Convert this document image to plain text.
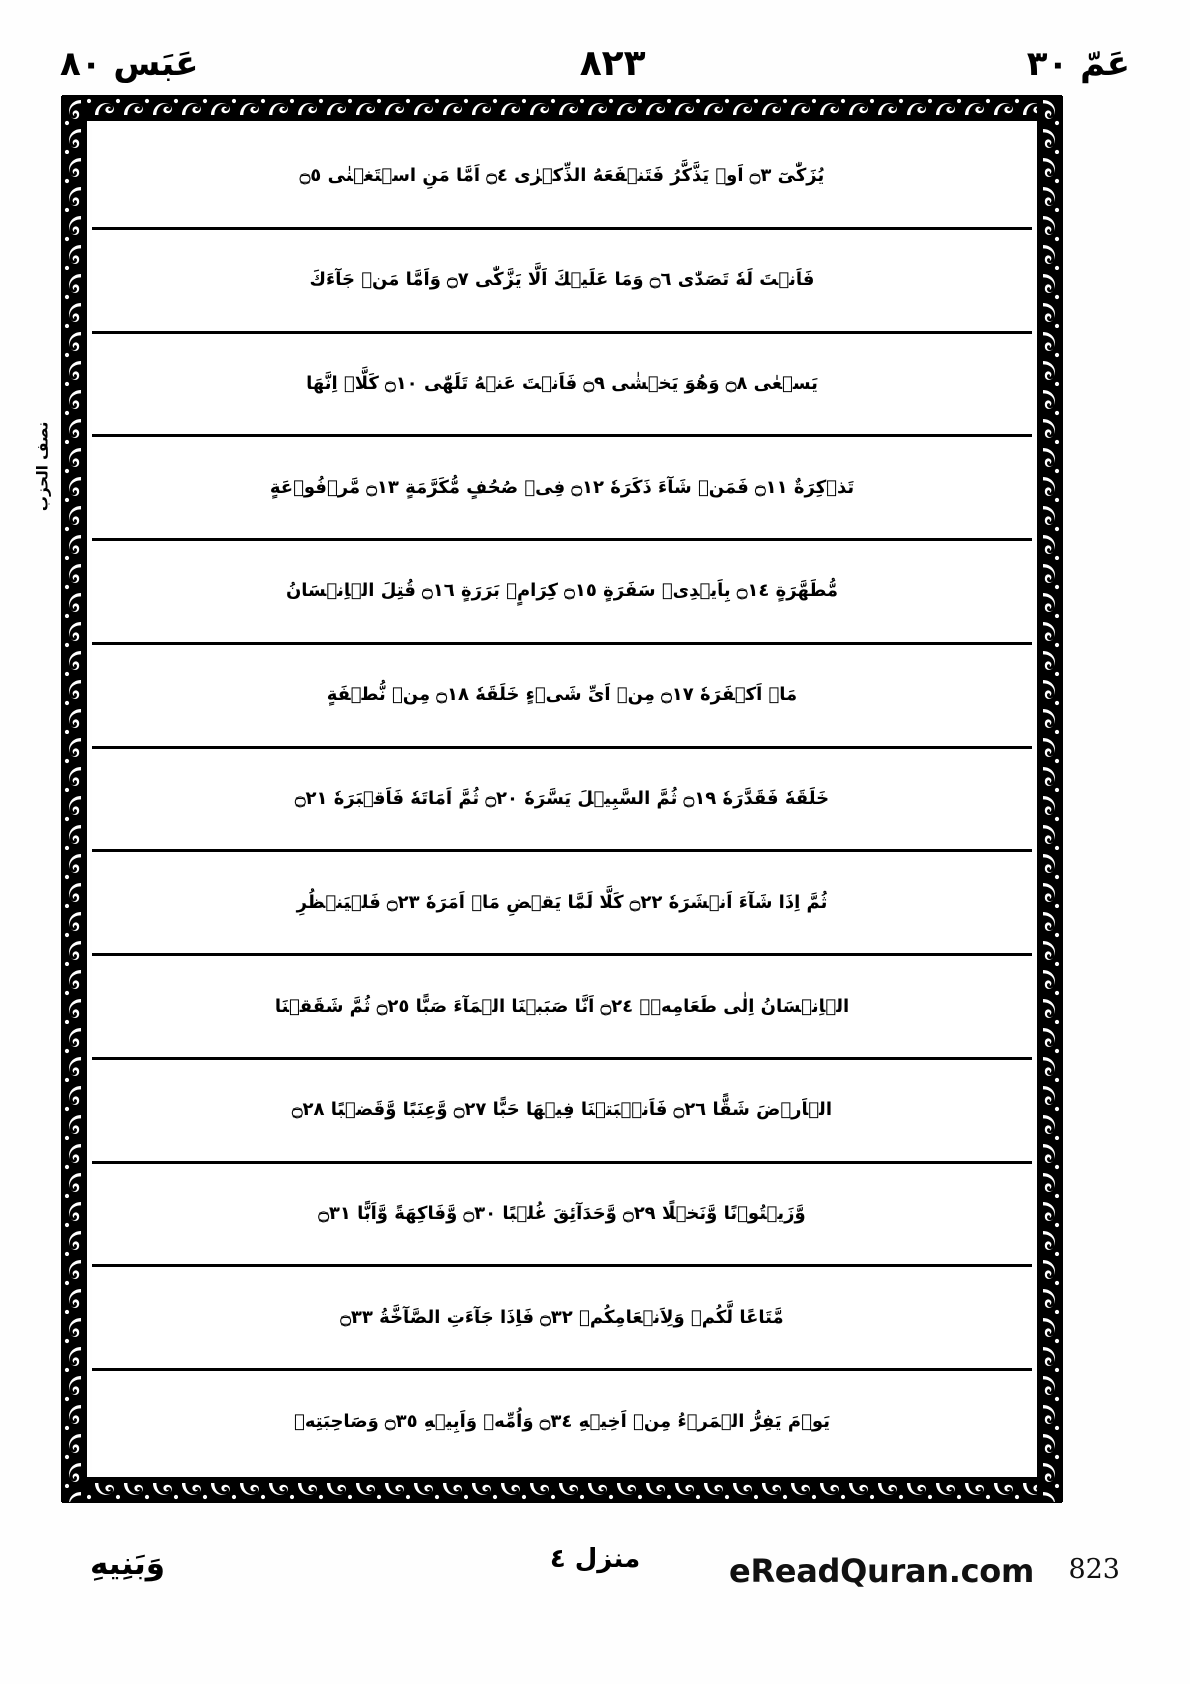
عَمّ ٣٠
٨٢٣
عَبَس ٨٠
نصف الحزب
يُزَكّٰىٓ ۝٣ اَوۡ يَذَّكَّرُ فَتَنۡفَعَهُ الذِّكۡرٰى ۝٤ اَمَّا مَنِ اسۡتَغۡنٰى ۝٥
فَاَنۡتَ لَهٗ تَصَدّٰى ۝٦ وَمَا عَلَيۡكَ اَلَّا يَزَّكّٰى ۝٧ وَاَمَّا مَنۡ جَآءَكَ
يَسۡعٰى ۝٨ وَهُوَ يَخۡشٰى ۝٩ فَاَنۡتَ عَنۡهُ تَلَهّٰى ۝١٠ كَلَّاۤ اِنَّهَا
تَذۡكِرَةٌ ۝١١ فَمَنۡ شَآءَ ذَكَرَهٗ ۝١٢ فِىۡ صُحُفٍ مُّكَرَّمَةٍ ۝١٣ مَّرۡفُوۡعَةٍ
مُّطَهَّرَةٍ ۝١٤ بِاَيۡدِىۡ سَفَرَةٍ ۝١٥ كِرَامٍۢ بَرَرَةٍ ۝١٦ قُتِلَ الۡاِنۡسَانُ
مَاۤ اَكۡفَرَهٗ ۝١٧ مِنۡ اَىِّ شَىۡءٍ خَلَقَهٗ ۝١٨ مِنۡ نُّطۡفَةٍ
خَلَقَهٗ فَقَدَّرَهٗ ۝١٩ ثُمَّ السَّبِيۡلَ يَسَّرَهٗ ۝٢٠ ثُمَّ اَمَاتَهٗ فَاَقۡبَرَهٗ ۝٢١
ثُمَّ اِذَا شَآءَ اَنۡشَرَهٗ ۝٢٢ كَلَّا لَمَّا يَقۡضِ مَاۤ اَمَرَهٗ ۝٢٣ فَلۡيَنۡظُرِ
الۡاِنۡسَانُ اِلٰى طَعَامِهٖۤ ۝٢٤ اَنَّا صَبَبۡنَا الۡمَآءَ صَبًّا ۝٢٥ ثُمَّ شَقَقۡنَا
الۡاَرۡضَ شَقًّا ۝٢٦ فَاَنۡۢبَتۡنَا فِيۡهَا حَبًّا ۝٢٧ وَّعِنَبًا وَّقَضۡبًا ۝٢٨
وَّزَيۡتُوۡنًا وَّنَخۡلًا ۝٢٩ وَّحَدَآئِقَ غُلۡبًا ۝٣٠ وَّفَاكِهَةً وَّاَبًّا ۝٣١
مَّتَاعًا لَّكُمۡ وَلِاَنۡعَامِكُمۡ ۝٣٢ فَاِذَا جَآءَتِ الصَّآخَّةُ ۝٣٣
يَوۡمَ يَفِرُّ الۡمَرۡءُ مِنۡ اَخِيۡهِ ۝٣٤ وَاُمِّهٖ وَاَبِيۡهِ ۝٣٥ وَصَاحِبَتِهٖ
وَبَنِيهِ	منزل ٤	eReadQuran.com 823
